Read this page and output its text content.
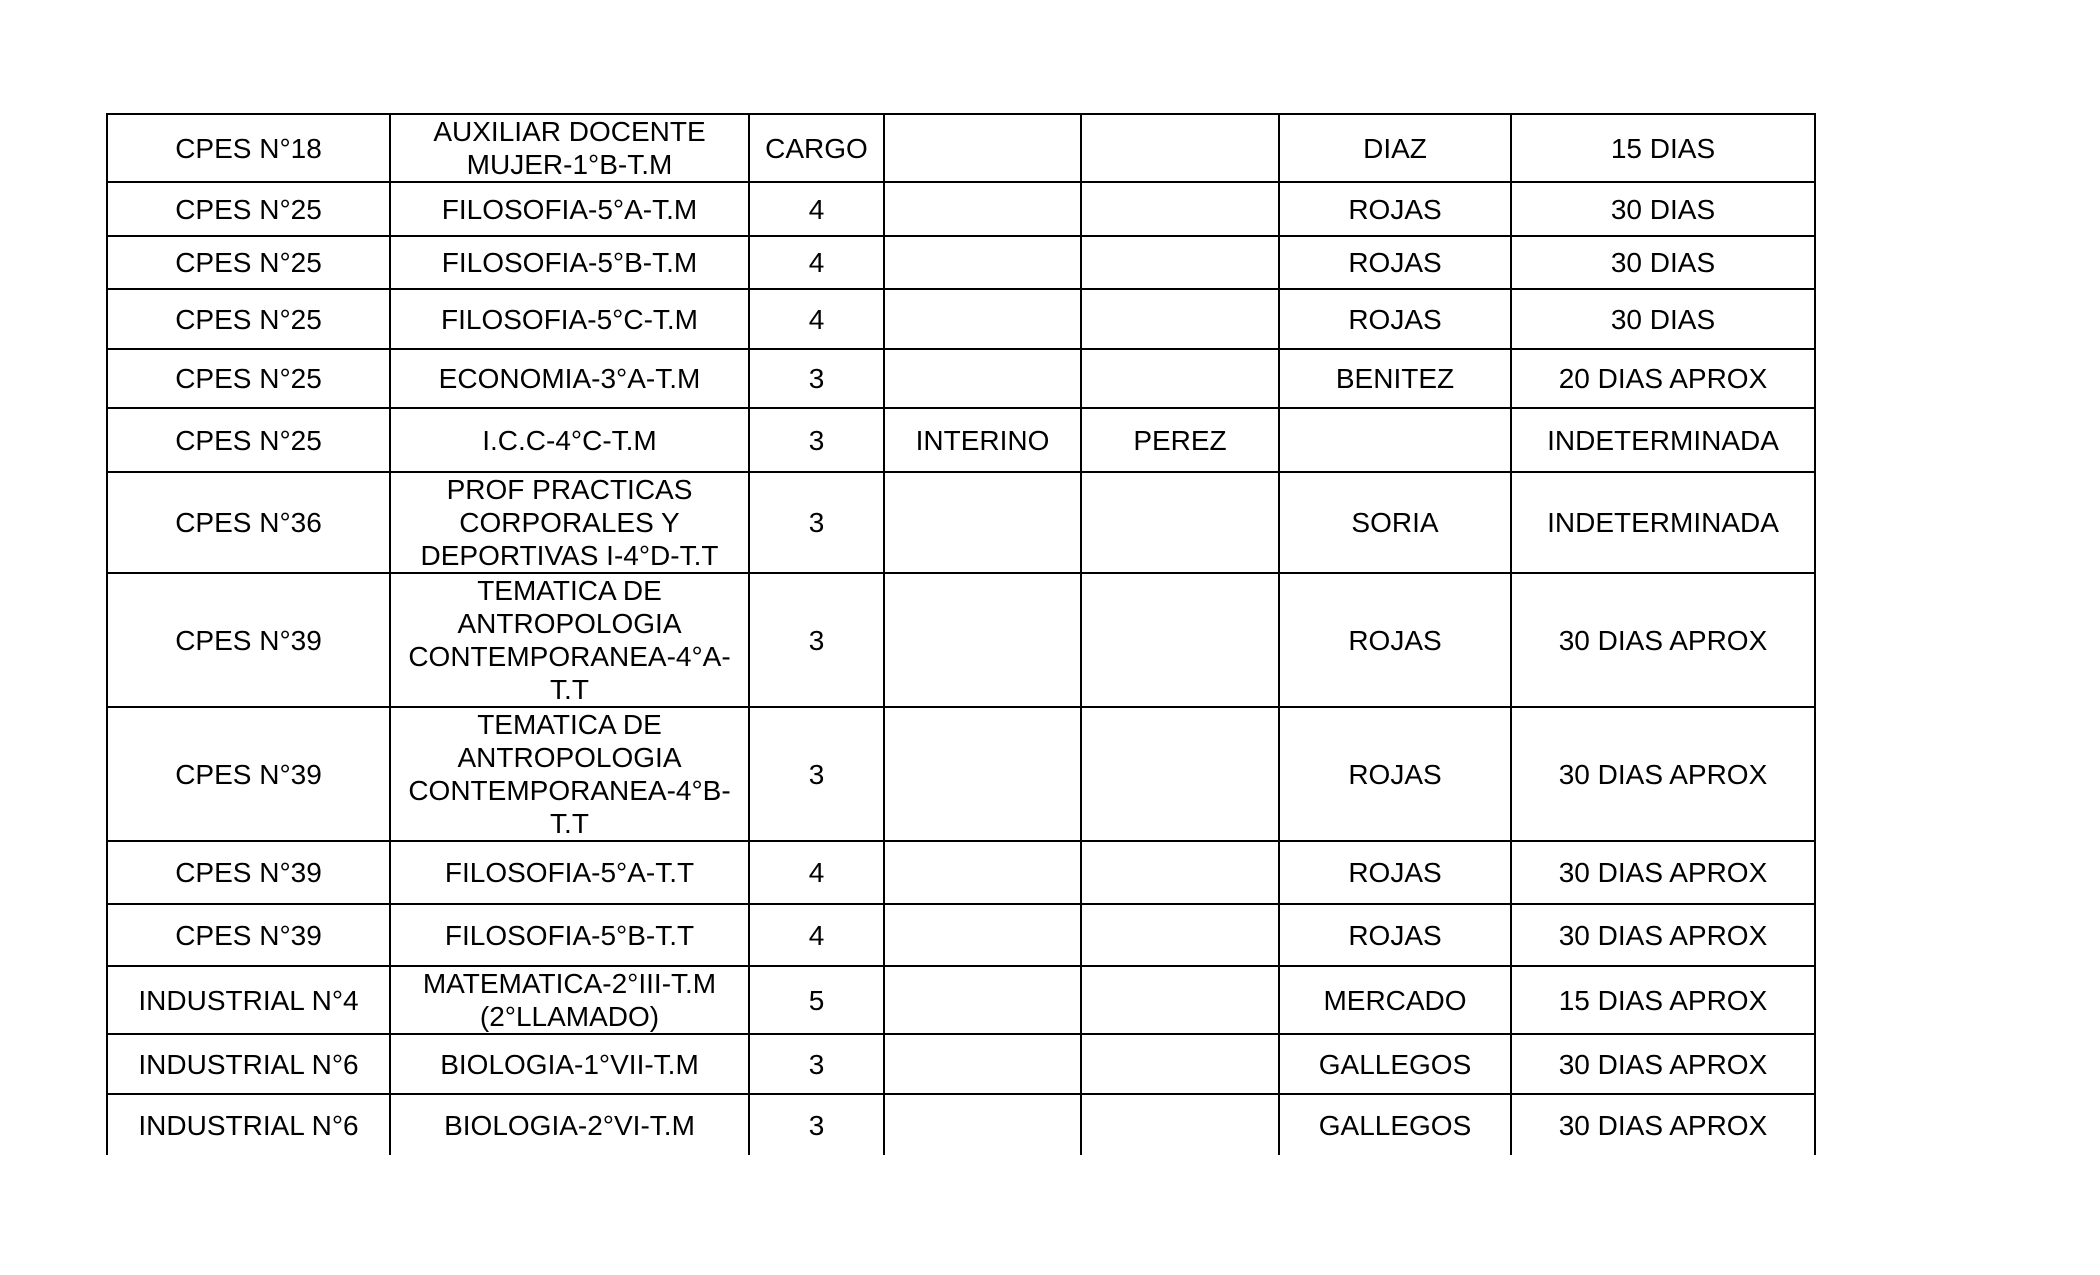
CPES N°18	AUXILIAR DOCENTE MUJER-1°B-T.M	CARGO			DIAZ	15 DIAS
CPES N°25	FILOSOFIA-5°A-T.M	4			ROJAS	30 DIAS
CPES N°25	FILOSOFIA-5°B-T.M	4			ROJAS	30 DIAS
CPES N°25	FILOSOFIA-5°C-T.M	4			ROJAS	30 DIAS
CPES N°25	ECONOMIA-3°A-T.M	3			BENITEZ	20 DIAS APROX
CPES N°25	I.C.C-4°C-T.M	3	INTERINO	PEREZ		INDETERMINADA
CPES N°36	PROF PRACTICAS CORPORALES Y DEPORTIVAS I-4°D-T.T	3			SORIA	INDETERMINADA
CPES N°39	TEMATICA DE ANTROPOLOGIA CONTEMPORANEA-4°A-T.T	3			ROJAS	30 DIAS APROX
CPES N°39	TEMATICA DE ANTROPOLOGIA CONTEMPORANEA-4°B-T.T	3			ROJAS	30 DIAS APROX
CPES N°39	FILOSOFIA-5°A-T.T	4			ROJAS	30 DIAS APROX
CPES N°39	FILOSOFIA-5°B-T.T	4			ROJAS	30 DIAS APROX
INDUSTRIAL N°4	MATEMATICA-2°III-T.M (2°LLAMADO)	5			MERCADO	15 DIAS APROX
INDUSTRIAL N°6	BIOLOGIA-1°VII-T.M	3			GALLEGOS	30 DIAS APROX
INDUSTRIAL N°6	BIOLOGIA-2°VI-T.M	3			GALLEGOS	30 DIAS APROX
